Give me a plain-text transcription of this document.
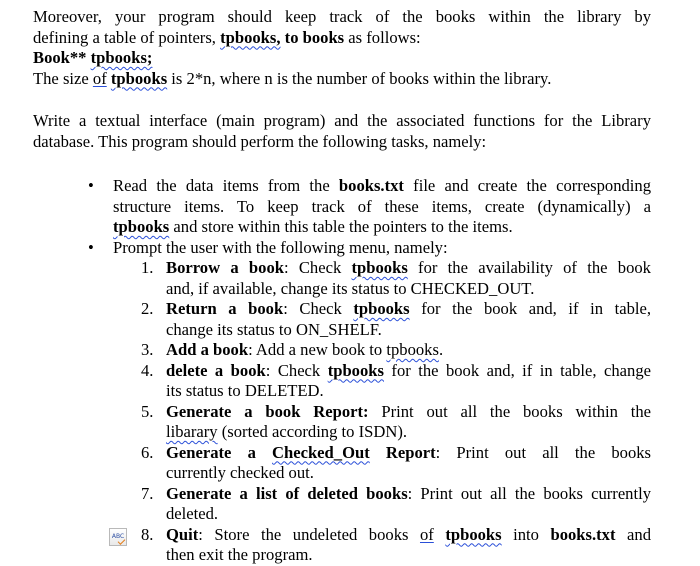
Moreover, your program should keep track of the books within the library by
defining a table of pointers, tpbooks, to books as follows:
Book** tpbooks;
The size of tpbooks is 2*n, where n is the number of books within the library.
Write a textual interface (main program) and the associated functions for the Library
database. This program should perform the following tasks, namely:
• Read the data items from the books.txt file and create the corresponding
structure items. To keep track of these items, create (dynamically) a
tpbooks and store within this table the pointers to the items.
• Prompt the user with the following menu, namely:
1. Borrow a book: Check tpbooks for the availability of the book
and, if available, change its status to CHECKED_OUT.
2. Return a book: Check tpbooks for the book and, if in table,
change its status to ON_SHELF.
3. Add a book: Add a new book to tpbooks.
4. delete a book: Check tpbooks for the book and, if in table, change
its status to DELETED.
5. Generate a book Report: Print out all the books within the
libarary (sorted according to ISDN).
6. Generate a Checked_Out Report: Print out all the books
currently checked out.
7. Generate a list of deleted books: Print out all the books currently
deleted.
8. Quit: Store the undeleted books of tpbooks into books.txt and
then exit the program.
ABC
